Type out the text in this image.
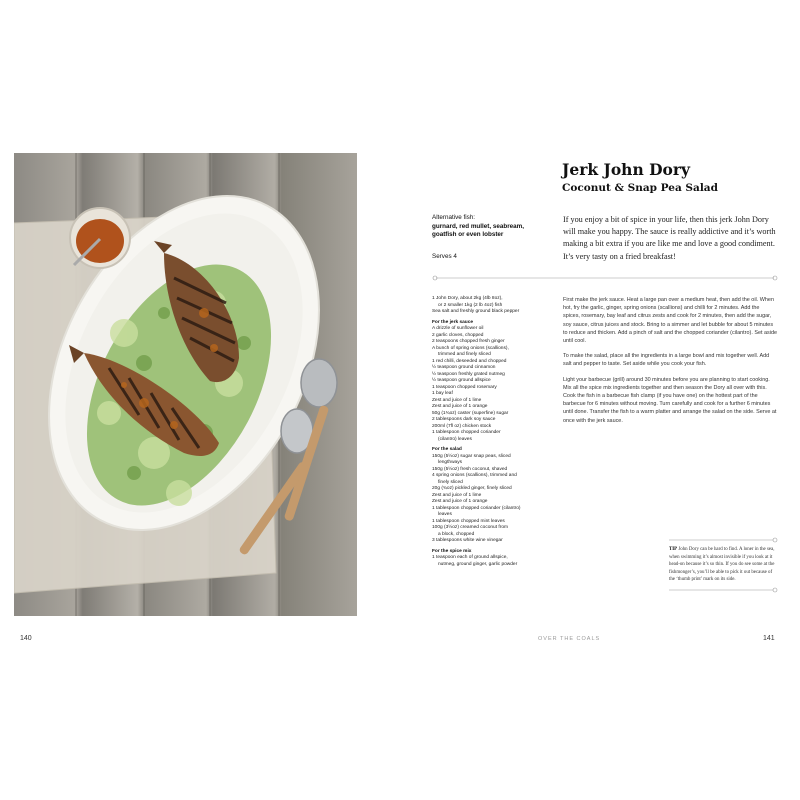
Jerk John Dory
Coconut & Snap Pea Salad
Alternative fish:
gurnard, red mullet, seabream, goatfish or even lobster
Serves 4

If you enjoy a bit of spice in your life, then this jerk John Dory will make you happy. The sauce is really addictive and it’s worth making a bit extra if you are like me and love a good condiment. It’s very tasty on a fried breakfast!

1 John Dory, about 2kg (4lb 8oz),
or 2 smaller 1kg (2 lb 4oz) fish
Sea salt and freshly ground black pepper
For the jerk sauce
A drizzle of sunflower oil
2 garlic cloves, chopped
2 teaspoons chopped fresh ginger
A bunch of spring onions (scallions),
trimmed and finely sliced
1 red chilli, deseeded and chopped
½ teaspoon ground cinnamon
½ teaspoon freshly grated nutmeg
½ teaspoon ground allspice
1 teaspoon chopped rosemary
1 bay leaf
Zest and juice of 1 lime
Zest and juice of 1 orange
50g (1¾oz) caster (superfine) sugar
2 tablespoons dark soy sauce
200ml (7fl oz) chicken stock
1 tablespoon chopped coriander
(cilantro) leaves
For the salad
150g (5½oz) sugar snap peas, sliced
lengthways
150g (5½oz) fresh coconut, shaved
4 spring onions (scallions), trimmed and
finely sliced
20g (¾oz) pickled ginger, finely sliced
Zest and juice of 1 lime
Zest and juice of 1 orange
1 tablespoon chopped coriander (cilantro)
leaves
1 tablespoon chopped mint leaves
100g (3½oz) creamed coconut from
a block, chopped
3 tablespoons white wine vinegar
For the spice mix
1 teaspoon each of ground allspice,
nutmeg, ground ginger, garlic powder

First make the jerk sauce. Heat a large pan over a medium heat, then add the oil. When hot, fry the garlic, ginger, spring onions (scallions) and chilli for 2 minutes. Add the spices, rosemary, bay leaf and citrus zests and cook for 2 minutes, then add the sugar, soy sauce, citrus juices and stock. Bring to a simmer and let bubble for about 5 minutes to reduce and thicken. Add a pinch of salt and the chopped coriander (cilantro). Set aside until cool.

To make the salad, place all the ingredients in a large bowl and mix together well. Add salt and pepper to taste. Set aside while you cook your fish.

Light your barbecue (grill) around 30 minutes before you are planning to start cooking. Mix all the spice mix ingredients together and then season the Dory all over with this. Cook the fish in a barbecue fish clamp (if you have one) on the hottest part of the barbecue for 6 minutes without moving. Turn carefully and cook for a further 6 minutes until done. Transfer the fish to a warm platter and arrange the salad on the side. Serve at once with the jerk sauce.

TIP John Dory can be hard to find. A loner in the sea, when swimming it’s almost invisible if you look at it head-on because it’s so thin. If you do see some at the fishmonger’s, you’ll be able to pick it out because of the ‘thumb print’ mark on its side.

140	OVER THE COALS	141
